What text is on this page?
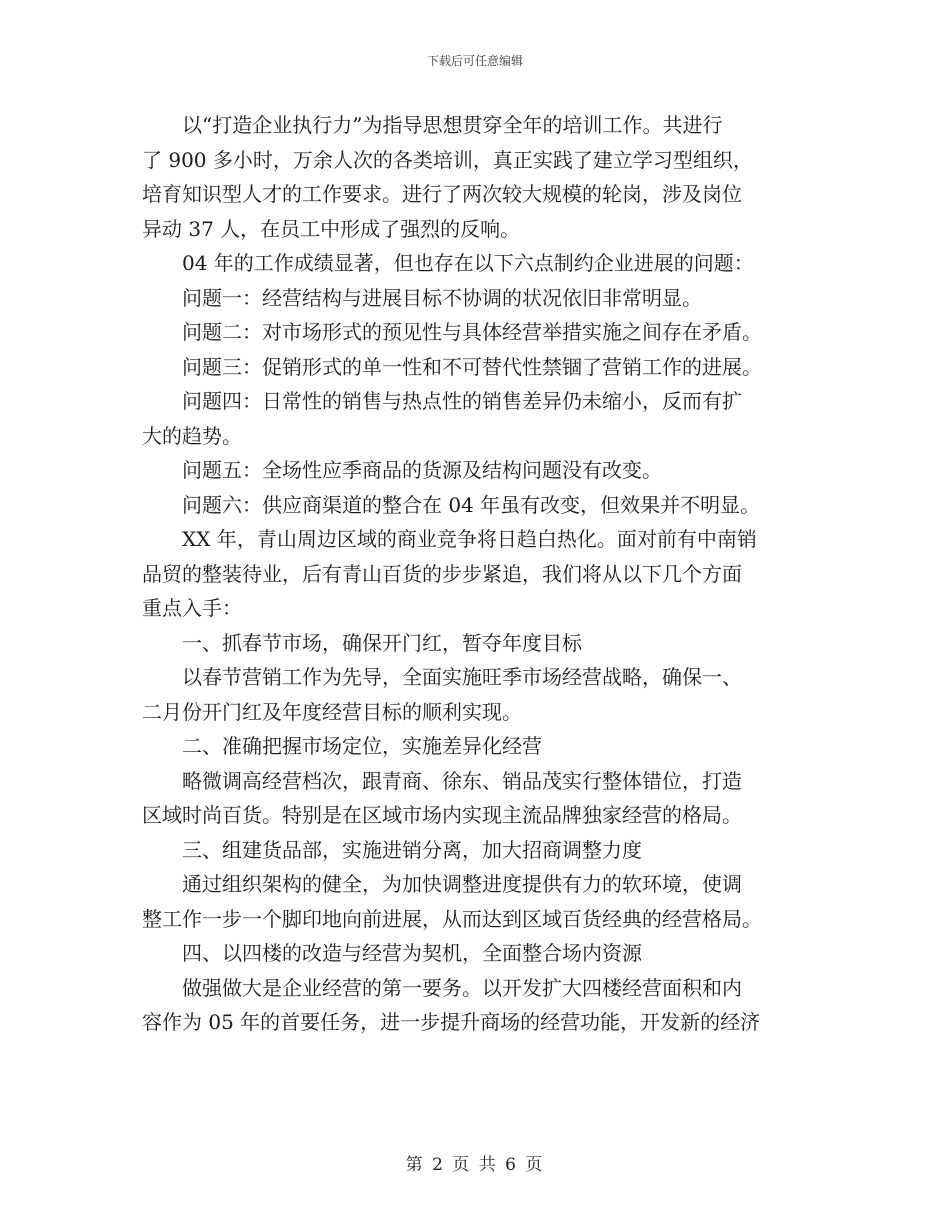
下载后可任意编辑
　　以“打造企业执行力”为指导思想贯穿全年的培训工作。共进行
了 900 多小时，万余人次的各类培训，真正实践了建立学习型组织，
培育知识型人才的工作要求。进行了两次较大规模的轮岗，涉及岗位
异动 37 人，在员工中形成了强烈的反响。
　　04 年的工作成绩显著，但也存在以下六点制约企业进展的问题：
　　问题一：经营结构与进展目标不协调的状况依旧非常明显。
　　问题二：对市场形式的预见性与具体经营举措实施之间存在矛盾。
　　问题三：促销形式的单一性和不可替代性禁锢了营销工作的进展。
　　问题四：日常性的销售与热点性的销售差异仍未缩小，反而有扩
大的趋势。
　　问题五：全场性应季商品的货源及结构问题没有改变。
　　问题六：供应商渠道的整合在 04 年虽有改变，但效果并不明显。
　　XX 年，青山周边区域的商业竞争将日趋白热化。面对前有中南销
品贸的整装待业，后有青山百货的步步紧追，我们将从以下几个方面
重点入手：
　　一、抓春节市场，确保开门红，暂夺年度目标
　　以春节营销工作为先导，全面实施旺季市场经营战略，确保一、
二月份开门红及年度经营目标的顺利实现。
　　二、准确把握市场定位，实施差异化经营
　　略微调高经营档次，跟青商、徐东、销品茂实行整体错位，打造
区域时尚百货。特别是在区域市场内实现主流品牌独家经营的格局。
　　三、组建货品部，实施进销分离，加大招商调整力度
　　通过组织架构的健全，为加快调整进度提供有力的软环境，使调
整工作一步一个脚印地向前进展，从而达到区域百货经典的经营格局。
　　四、以四楼的改造与经营为契机，全面整合场内资源
　　做强做大是企业经营的第一要务。以开发扩大四楼经营面积和内
容作为 05 年的首要任务，进一步提升商场的经营功能，开发新的经济
第 2 页 共 6 页
